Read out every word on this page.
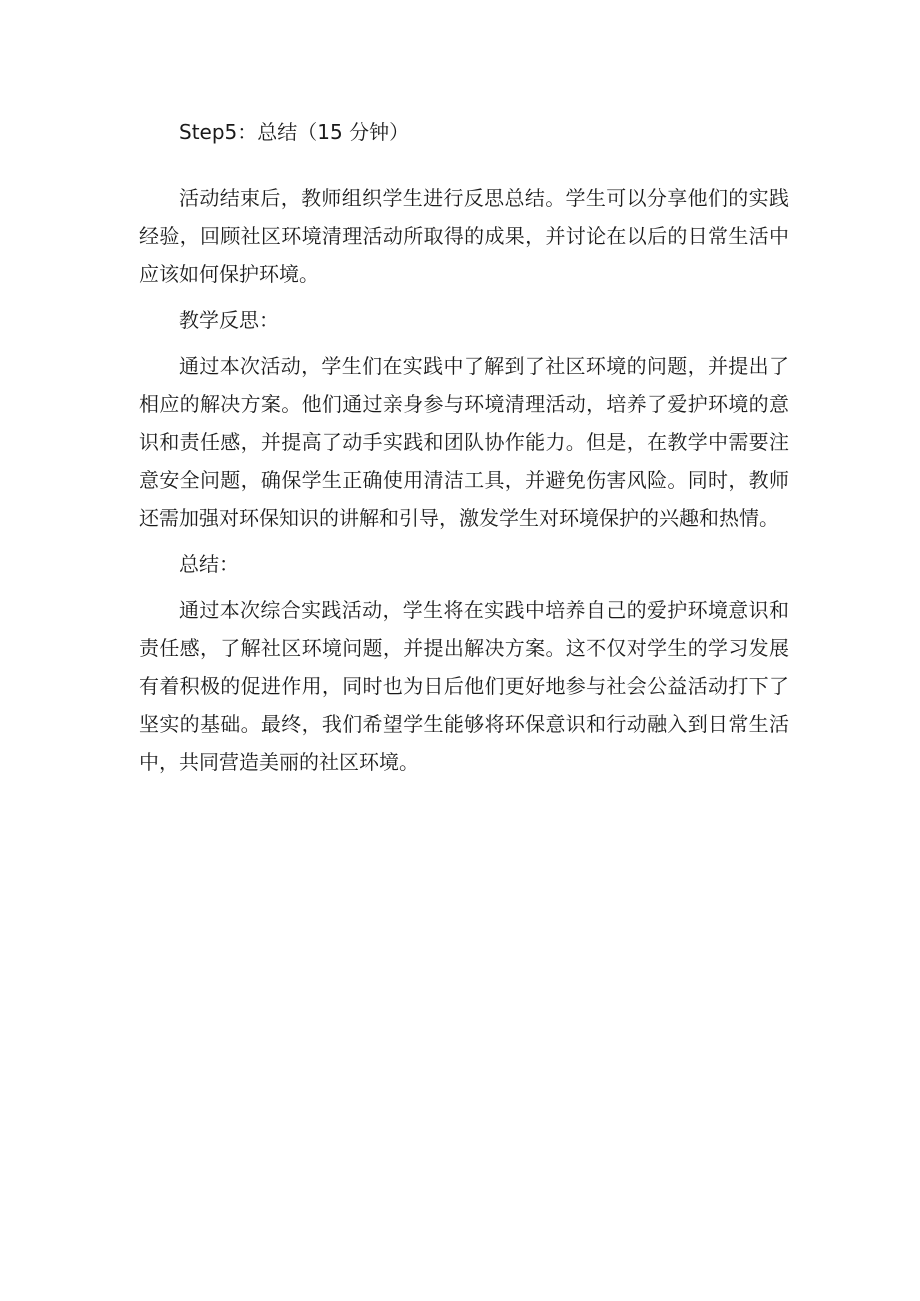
Step5：总结（15 分钟）

活动结束后，教师组织学生进行反思总结。学生可以分享他们的实践经验，回顾社区环境清理活动所取得的成果，并讨论在以后的日常生活中应该如何保护环境。

教学反思：

通过本次活动，学生们在实践中了解到了社区环境的问题，并提出了相应的解决方案。他们通过亲身参与环境清理活动，培养了爱护环境的意识和责任感，并提高了动手实践和团队协作能力。但是，在教学中需要注意安全问题，确保学生正确使用清洁工具，并避免伤害风险。同时，教师还需加强对环保知识的讲解和引导，激发学生对环境保护的兴趣和热情。

总结：

通过本次综合实践活动，学生将在实践中培养自己的爱护环境意识和责任感，了解社区环境问题，并提出解决方案。这不仅对学生的学习发展有着积极的促进作用，同时也为日后他们更好地参与社会公益活动打下了坚实的基础。最终，我们希望学生能够将环保意识和行动融入到日常生活中，共同营造美丽的社区环境。
